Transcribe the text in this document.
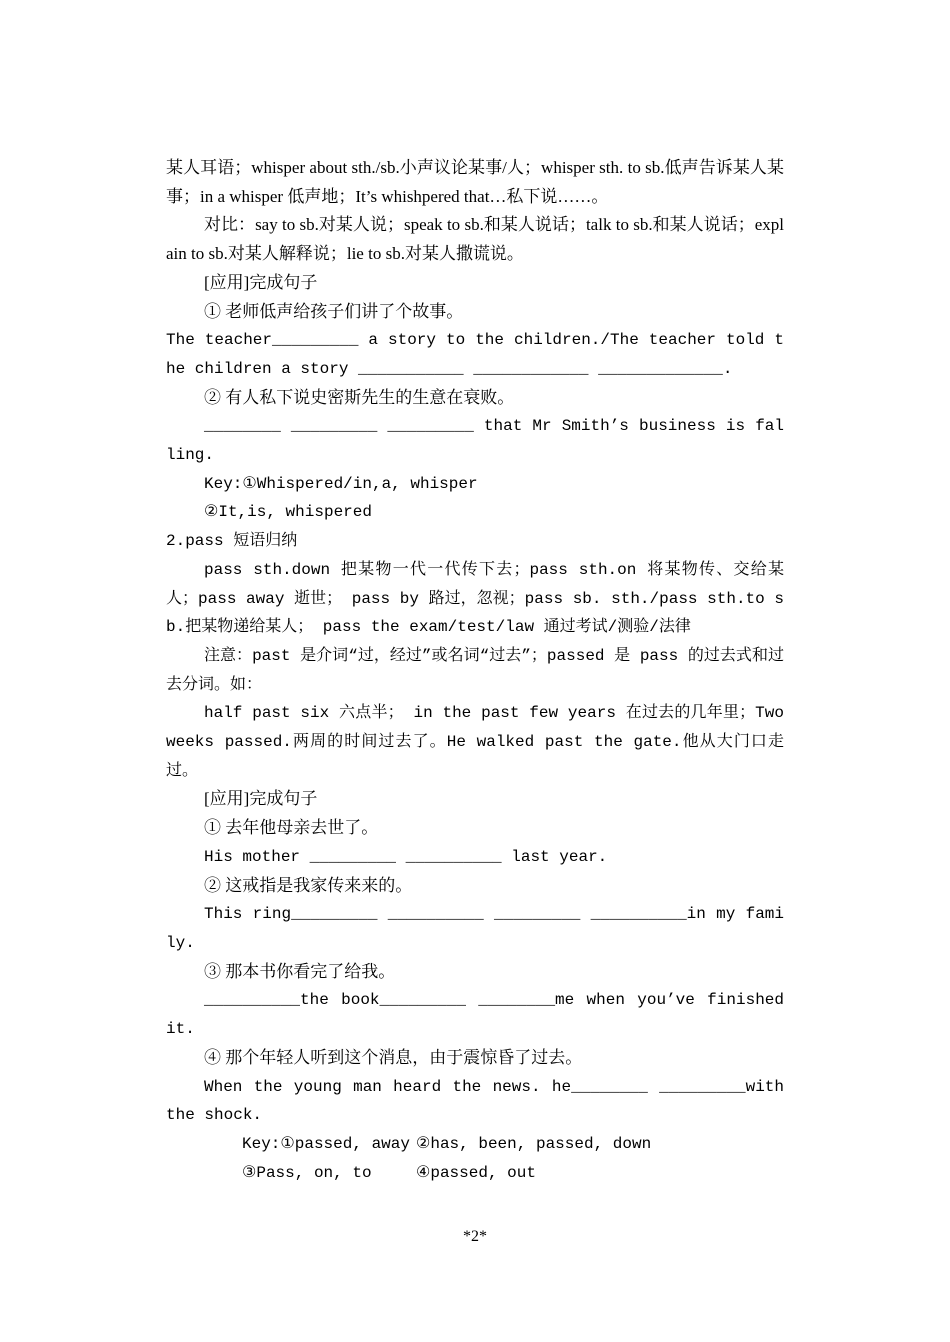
某人耳语；whisper about sth./sb.小声议论某事/人；whisper sth. to sb.低声告诉某人某事；in a whisper 低声地；It’s whishpered that…私下说……。

对比：say to sb.对某人说；speak to sb.和某人说话；talk to sb.和某人说话；explain to sb.对某人解释说；lie to sb.对某人撒谎说。

[应用]完成句子

① 老师低声给孩子们讲了个故事。

The teacher_________ a story to the children./The teacher told the children a story ___________ ____________ _____________.

② 有人私下说史密斯先生的生意在衰败。

________ _________ _________ that Mr Smith’s business is falling.

Key:①Whispered/in,a, whisper

②It,is, whispered

2.pass 短语归纳

pass sth.down 把某物一代一代传下去；pass sth.on 将某物传、交给某人；pass away 逝世； pass by 路过，忽视；pass sb. sth./pass sth.to sb.把某物递给某人； pass the exam/test/law 通过考试/测验/法律

注意：past 是介词“过，经过”或名词“过去”；passed 是 pass 的过去式和过去分词。如：

half past six 六点半； in the past few years 在过去的几年里；Two weeks passed.两周的时间过去了。He walked past the gate.他从大门口走过。

[应用]完成句子

① 去年他母亲去世了。

His mother _________ __________ last year.

② 这戒指是我家传来来的。

This ring_________ __________ _________ __________in my family.

③ 那本书你看完了给我。

__________the book_________ ________me when you’ve finished it.

④ 那个年轻人听到这个消息，由于震惊昏了过去。

When the young man heard the news. he________ _________with the shock.

Key:①passed, away ②has, been, passed, down

③Pass, on, to	④passed, out

*2*
